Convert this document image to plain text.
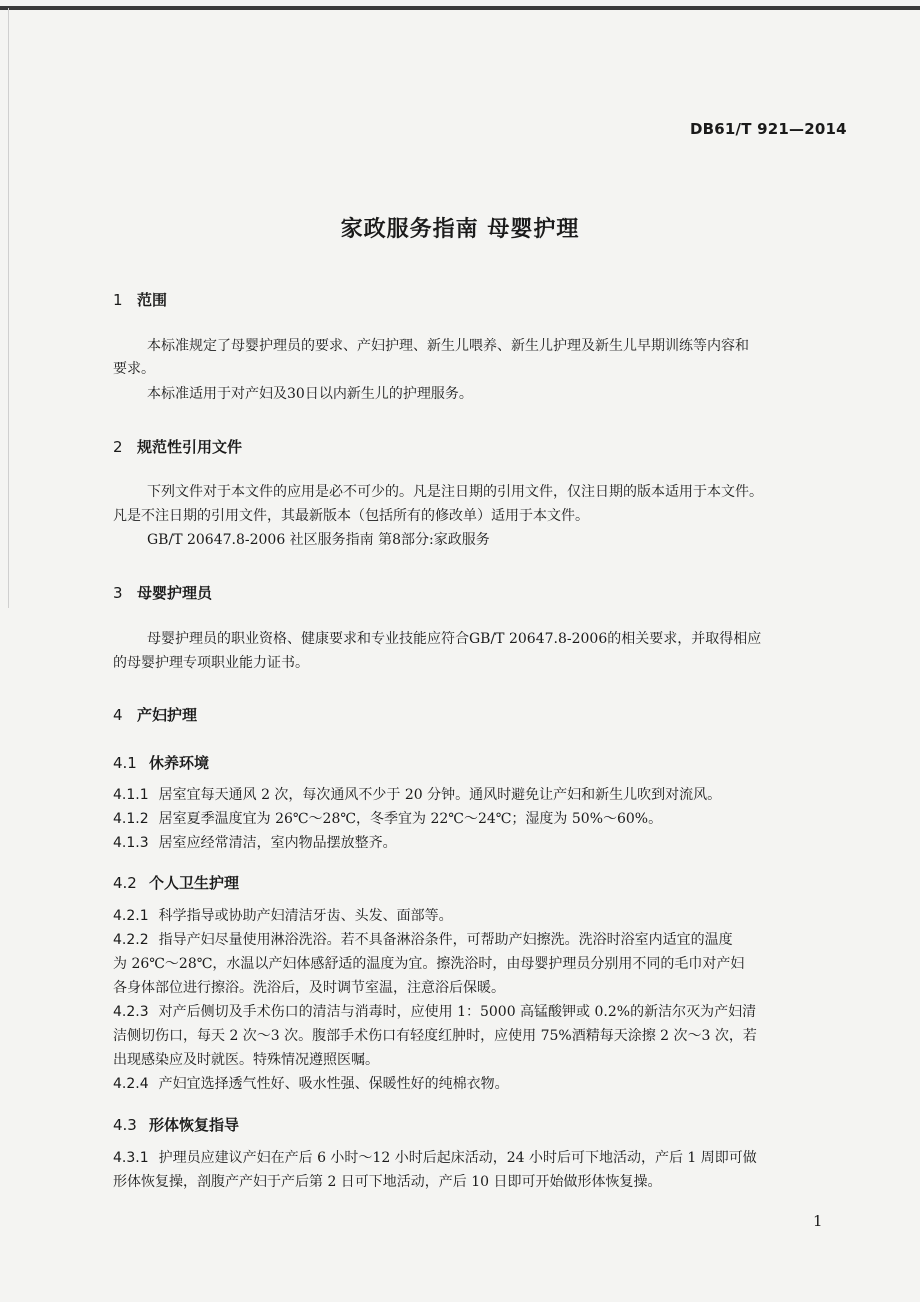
DB61/T 921—2014
家政服务指南 母婴护理
1 范围
本标准规定了母婴护理员的要求、产妇护理、新生儿喂养、新生儿护理及新生儿早期训练等内容和
要求。
本标准适用于对产妇及30日以内新生儿的护理服务。
2 规范性引用文件
下列文件对于本文件的应用是必不可少的。凡是注日期的引用文件，仅注日期的版本适用于本文件。
凡是不注日期的引用文件，其最新版本（包括所有的修改单）适用于本文件。
GB/T 20647.8-2006 社区服务指南 第8部分:家政服务
3 母婴护理员
母婴护理员的职业资格、健康要求和专业技能应符合GB/T 20647.8-2006的相关要求，并取得相应
的母婴护理专项职业能力证书。
4 产妇护理
4.1 休养环境
4.1.1 居室宜每天通风 2 次，每次通风不少于 20 分钟。通风时避免让产妇和新生儿吹到对流风。
4.1.2 居室夏季温度宜为 26℃～28℃，冬季宜为 22℃～24℃；湿度为 50%～60%。
4.1.3 居室应经常清洁，室内物品摆放整齐。
4.2 个人卫生护理
4.2.1 科学指导或协助产妇清洁牙齿、头发、面部等。
4.2.2 指导产妇尽量使用淋浴洗浴。若不具备淋浴条件，可帮助产妇擦洗。洗浴时浴室内适宜的温度
为 26℃～28℃，水温以产妇体感舒适的温度为宜。擦洗浴时，由母婴护理员分别用不同的毛巾对产妇
各身体部位进行擦浴。洗浴后，及时调节室温，注意浴后保暖。
4.2.3 对产后侧切及手术伤口的清洁与消毒时，应使用 1：5000 高锰酸钾或 0.2%的新洁尔灭为产妇清
洁侧切伤口，每天 2 次～3 次。腹部手术伤口有轻度红肿时，应使用 75%酒精每天涂擦 2 次～3 次，若
出现感染应及时就医。特殊情况遵照医嘱。
4.2.4 产妇宜选择透气性好、吸水性强、保暖性好的纯棉衣物。
4.3 形体恢复指导
4.3.1 护理员应建议产妇在产后 6 小时～12 小时后起床活动，24 小时后可下地活动，产后 1 周即可做
形体恢复操，剖腹产产妇于产后第 2 日可下地活动，产后 10 日即可开始做形体恢复操。
1
